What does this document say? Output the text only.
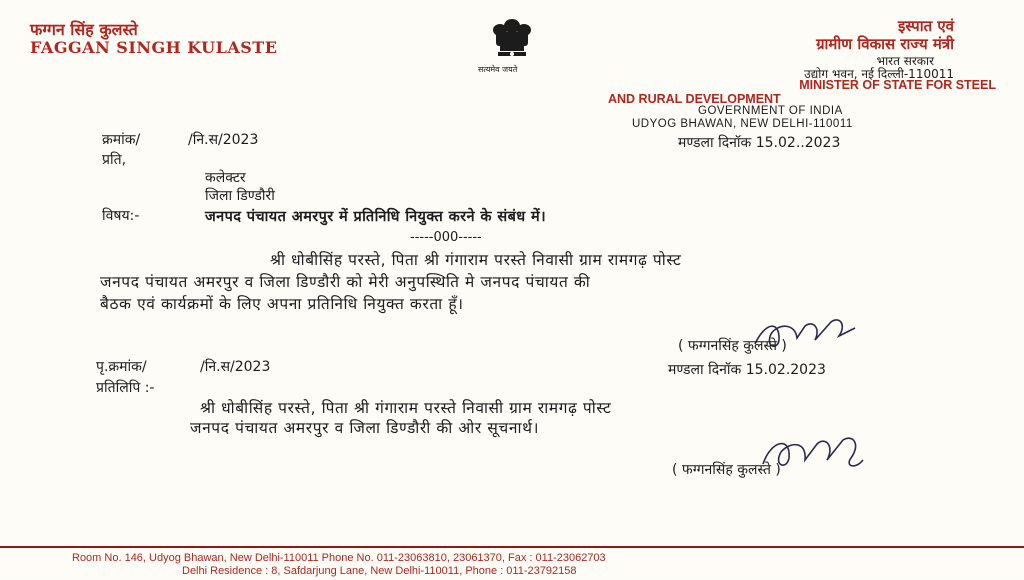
फग्गन सिंह कुलस्ते
FAGGAN SINGH KULASTE
सत्यमेव जयते
इस्पात एवं
ग्रामीण विकास राज्य मंत्री
भारत सरकार
उद्योग भवन, नई दिल्ली-110011
MINISTER OF STATE FOR STEEL
AND RURAL DEVELOPMENT
GOVERNMENT OF INDIA
UDYOG BHAWAN, NEW DELHI-110011
क्रमांक/	/नि.स/2023	मण्डला दिनॉक 15.02..2023
प्रति,
कलेक्टर
जिला डिण्डौरी
विषय:-	जनपद पंचायत अमरपुर में प्रतिनिधि नियुक्त करने के संबंध में।
-----000-----
श्री धोबीसिंह परस्ते, पिता श्री गंगाराम परस्ते निवासी ग्राम रामगढ़ पोस्ट
जनपद पंचायत अमरपुर व जिला डिण्डौरी को मेरी अनुपस्थिति मे जनपद पंचायत की
बैठक एवं कार्यक्रमों के लिए अपना प्रतिनिधि नियुक्त करता हूँ।
( फग्गनसिंह कुलस्ते )
पृ.क्रमांक/	/नि.स/2023	मण्डला दिनॉक 15.02.2023
प्रतिलिपि :-
श्री धोबीसिंह परस्ते, पिता श्री गंगाराम परस्ते निवासी ग्राम रामगढ़ पोस्ट
जनपद पंचायत अमरपुर व जिला डिण्डौरी की ओर सूचनार्थ।
( फग्गनसिंह कुलस्ते )
Room No. 146, Udyog Bhawan, New Delhi-110011 Phone No. 011-23063810, 23061370, Fax : 011-23062703
Delhi Residence : 8, Safdarjung Lane, New Delhi-110011, Phone : 011-23792158
